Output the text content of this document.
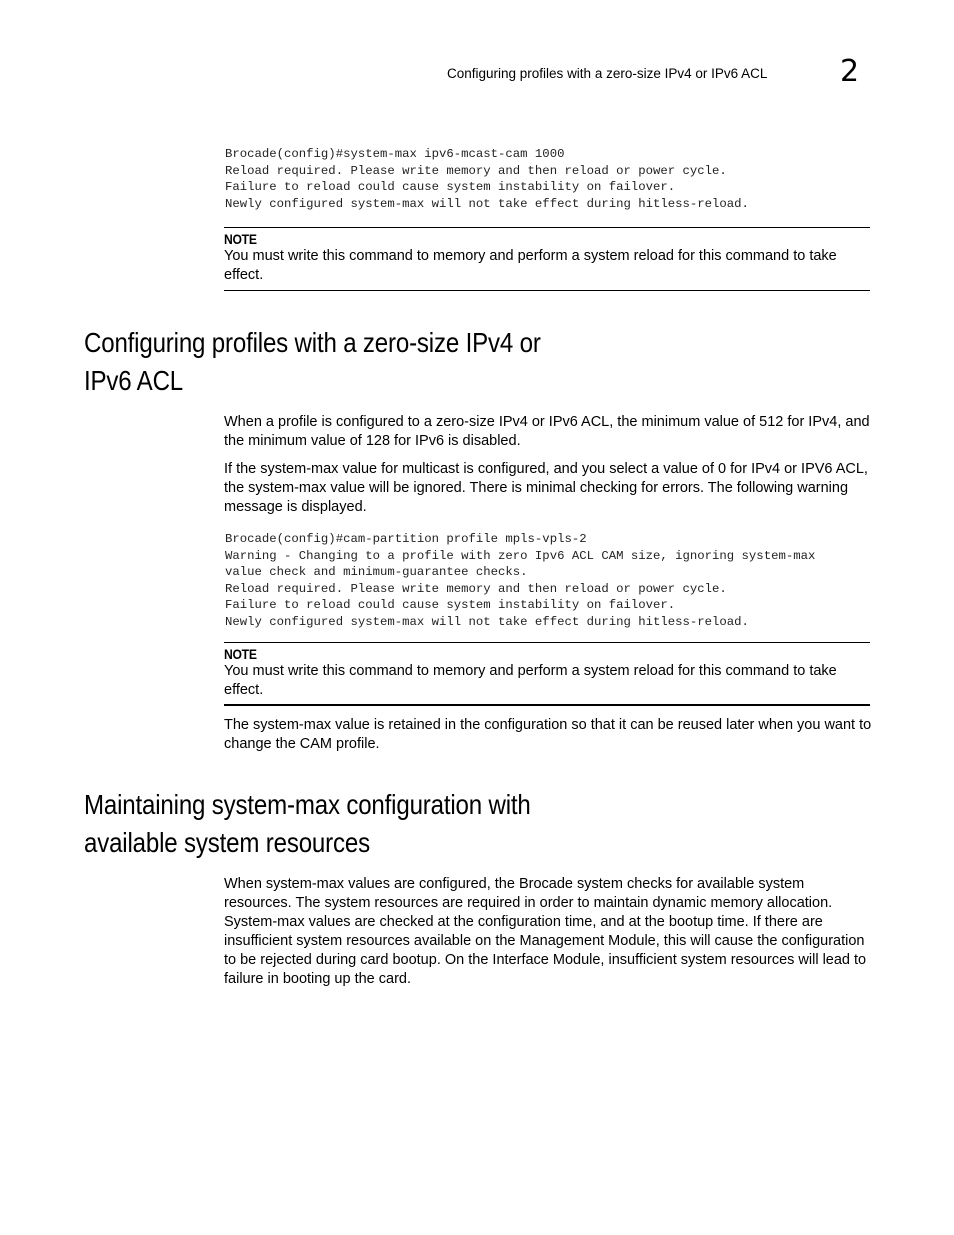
Configuring profiles with a zero-size IPv4 or IPv6 ACL 2
Brocade(config)#system-max ipv6-mcast-cam 1000
Reload required. Please write memory and then reload or power cycle.
Failure to reload could cause system instability on failover.
Newly configured system-max will not take effect during hitless-reload.
NOTE
You must write this command to memory and perform a system reload for this command to take effect.
Configuring profiles with a zero-size IPv4 or
IPv6 ACL

When a profile is configured to a zero-size IPv4 or IPv6 ACL, the minimum value of 512 for IPv4, and the minimum value of 128 for IPv6 is disabled.

If the system-max value for multicast is configured, and you select a value of 0 for IPv4 or IPV6 ACL, the system-max value will be ignored. There is minimal checking for errors. The following warning message is displayed.

Brocade(config)#cam-partition profile mpls-vpls-2
Warning - Changing to a profile with zero Ipv6 ACL CAM size, ignoring system-max
value check and minimum-guarantee checks.
Reload required. Please write memory and then reload or power cycle.
Failure to reload could cause system instability on failover.
Newly configured system-max will not take effect during hitless-reload.
NOTE
You must write this command to memory and perform a system reload for this command to take effect.

The system-max value is retained in the configuration so that it can be reused later when you want to change the CAM profile.

Maintaining system-max configuration with
available system resources

When system-max values are configured, the Brocade system checks for available system resources. The system resources are required in order to maintain dynamic memory allocation. System-max values are checked at the configuration time, and at the bootup time. If there are insufficient system resources available on the Management Module, this will cause the configuration to be rejected during card bootup. On the Interface Module, insufficient system resources will lead to failure in booting up the card.
